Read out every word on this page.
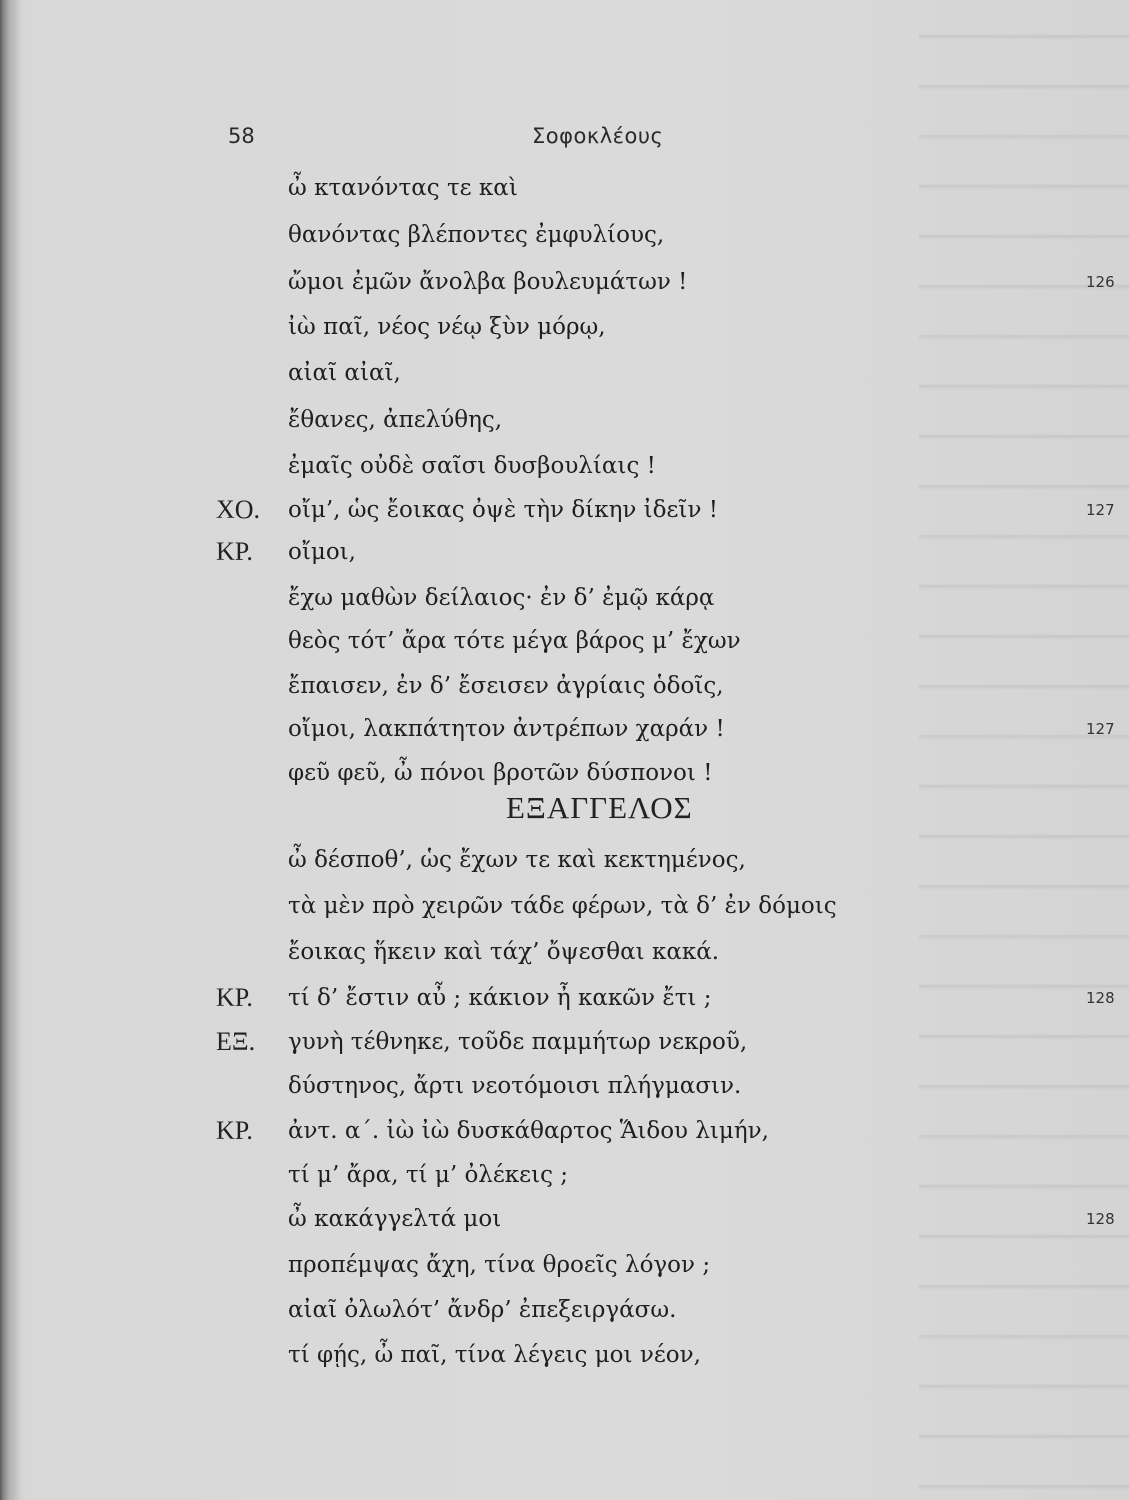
58	Σοφοκλέους
ΕΞΑΓΓΕΛΟΣ
ὦ κτανόντας τε καὶ
θανόντας βλέποντες ἐμφυλίους,
ὤμοι ἐμῶν ἄνολβα βουλευμάτων !	126
ἰὼ παῖ, νέος νέῳ ξὺν μόρῳ,
αἰαῖ αἰαῖ,
ἔθανες, ἀπελύθης,
ἐμαῖς οὐδὲ σαῖσι δυσβουλίαις !
ΧΟ. οἴμ’, ὡς ἔοικας ὀψὲ τὴν δίκην ἰδεῖν !	127
ΚΡ. οἴμοι,
ἔχω μαθὼν δείλαιος· ἐν δ’ ἐμῷ κάρᾳ
θεὸς τότ’ ἄρα τότε μέγα βάρος μ’ ἔχων
ἔπαισεν, ἐν δ’ ἔσεισεν ἀγρίαις ὁδοῖς,
οἴμοι, λακπάτητον ἀντρέπων χαράν !	127
φεῦ φεῦ, ὦ πόνοι βροτῶν δύσπονοι !
ὦ δέσποθ’, ὡς ἔχων τε καὶ κεκτημένος,
τὰ μὲν πρὸ χειρῶν τάδε φέρων, τὰ δ’ ἐν δόμοις
ἔοικας ἥκειν καὶ τάχ’ ὄψεσθαι κακά.
ΚΡ. τί δ’ ἔστιν αὖ ; κάκιον ἦ κακῶν ἔτι ;	128
ΕΞ. γυνὴ τέθνηκε, τοῦδε παμμήτωρ νεκροῦ,
δύστηνος, ἄρτι νεοτόμοισι πλήγμασιν.
ΚΡ. ἀντ. α΄. ἰὼ ἰὼ δυσκάθαρτος Ἅιδου λιμήν,
τί μ’ ἄρα, τί μ’ ὀλέκεις ;
ὦ κακάγγελτά μοι	128
προπέμψας ἄχη, τίνα θροεῖς λόγον ;
αἰαῖ ὀλωλότ’ ἄνδρ’ ἐπεξειργάσω.
τί φῄς, ὦ παῖ, τίνα λέγεις μοι νέον,
